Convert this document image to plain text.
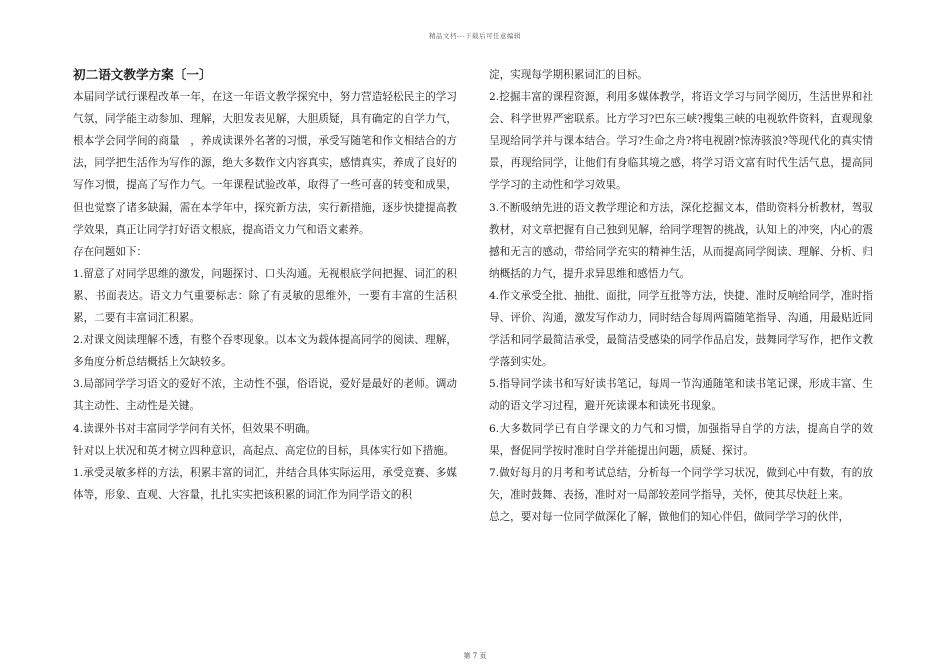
精品文档---下载后可任意编辑

初二语文教学方案〔一〕

本届同学试行课程改革一年，在这一年语文教学探究中，努力营造轻松民主的学习气氛，同学能主动参加、理解，大胆发表见解，大胆质疑，具有确定的自学力气，根本学会同学间的商量　，养成读课外名著的习惯，承受写随笔和作文相结合的方法，同学把生活作为写作的源，绝大多数作文内容真实，感情真实，养成了良好的写作习惯，提高了写作力气。一年课程试验改革，取得了一些可喜的转变和成果，但也觉察了诸多缺漏，需在本学年中，探究新方法，实行新措施，逐步快捷提高教学效果，真正让同学打好语文根底，提高语文力气和语文素养。

存在问题如下：

1.留意了对同学思维的激发，问题探讨、口头沟通。无视根底学问把握、词汇的积累、书面表达。语文力气重要标志：除了有灵敏的思维外，一要有丰富的生活积累，二要有丰富词汇积累。

2.对课文阅读理解不透，有整个吞枣现象。以本文为载体提高同学的阅读、理解，多角度分析总结概括上欠缺较多。

3.局部同学学习语文的爱好不浓，主动性不强，俗语说，爱好是最好的老师。调动其主动性、主动性是关键。

4.读课外书对丰富同学学问有关怀，但效果不明确。

针对以上状况和英才树立四种意识，高起点、高定位的目标，具体实行如下措施。

1.承受灵敏多样的方法，积累丰富的词汇，并结合具体实际运用，承受竞赛、多媒体等，形象、直观、大容量，扎扎实实把该积累的词汇作为同学语文的积

淀，实现每学期积累词汇的目标。

2.挖掘丰富的课程资源，利用多媒体教学，将语文学习与同学阅历，生活世界和社会、科学世界严密联系。比方学习?巴东三峡?搜集三峡的电视软件资料，直观现象呈现给同学并与课本结合。学习?生命之舟?将电视剧?惊涛骇浪?等现代化的真实情景，再现给同学，让他们有身临其境之感，将学习语文富有时代生活气息，提高同学学习的主动性和学习效果。

3.不断吸纳先进的语文教学理论和方法，深化挖掘文本，借助资料分析教材，驾驭教材，对文章把握有自己独到见解，给同学理智的挑战，认知上的冲突，内心的震撼和无言的感动，带给同学充实的精神生活，从而提高同学阅读、理解、分析、归纳概括的力气，提升求异思维和感悟力气。

4.作文承受全批、抽批、面批，同学互批等方法，快捷、准时反响给同学，准时指导、评价、沟通，激发写作动力，同时结合每周两篇随笔指导、沟通，用最贴近同学活和同学最简洁承受，最简洁受感染的同学作品启发，鼓舞同学写作，把作文教学落到实处。

5.指导同学读书和写好读书笔记，每周一节沟通随笔和读书笔记课，形成丰富、生动的语文学习过程，避开死读课本和读死书现象。

6.大多数同学已有自学课文的力气和习惯，加强指导自学的方法，提高自学的效果，督促同学按时准时自学并能提出问题，质疑、探讨。

7.做好每月的月考和考试总结，分析每一个同学学习状况，做到心中有数，有的放矢，准时鼓舞、表扬，准时对一局部较差同学指导，关怀，使其尽快赶上来。

总之，要对每一位同学做深化了解，做他们的知心伴侣，做同学学习的伙伴，

第 7 页
